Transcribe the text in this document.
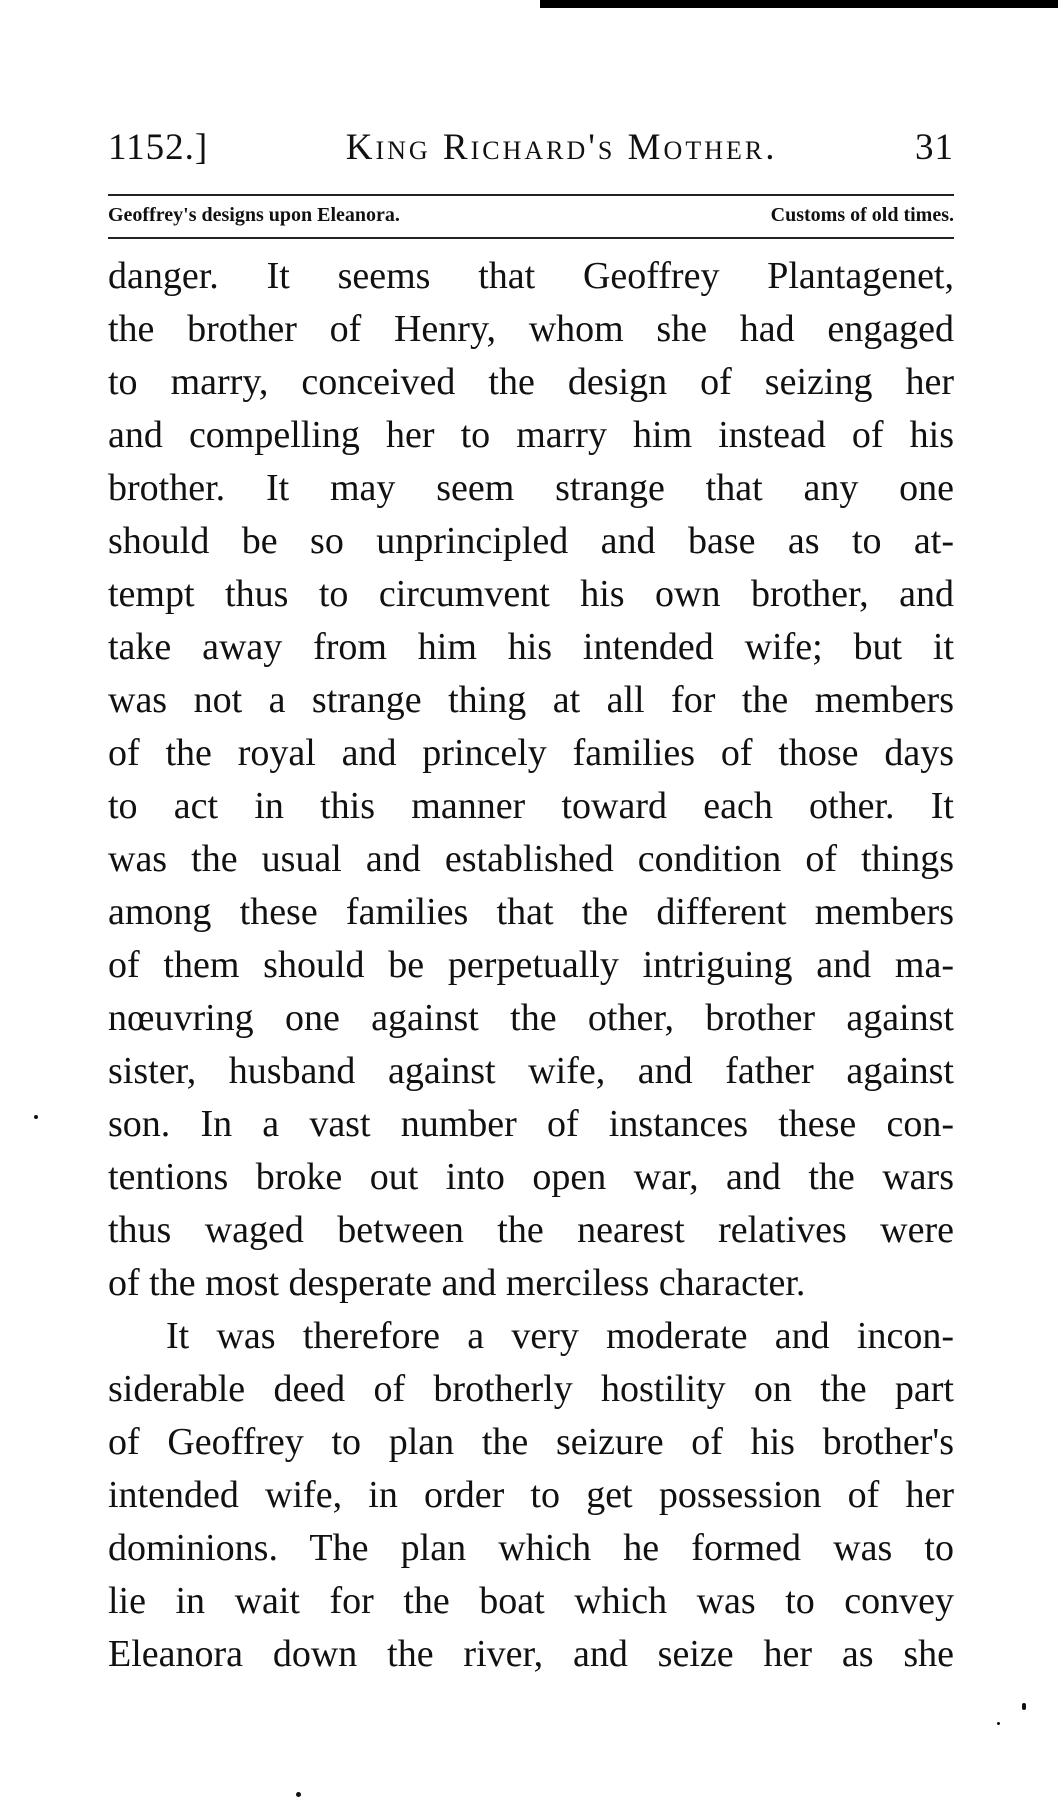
1152.]	King Richard's Mother.	31
Geoffrey's designs upon Eleanora.	Customs of old times.
danger. It seems that Geoffrey Plantagenet,
the brother of Henry, whom she had engaged
to marry, conceived the design of seizing her
and compelling her to marry him instead of his
brother. It may seem strange that any one
should be so unprincipled and base as to at-
tempt thus to circumvent his own brother, and
take away from him his intended wife; but it
was not a strange thing at all for the members
of the royal and princely families of those days
to act in this manner toward each other. It
was the usual and established condition of things
among these families that the different members
of them should be perpetually intriguing and ma-
nœuvring one against the other, brother against
sister, husband against wife, and father against
son. In a vast number of instances these con-
tentions broke out into open war, and the wars
thus waged between the nearest relatives were
of the most desperate and merciless character.
It was therefore a very moderate and incon-
siderable deed of brotherly hostility on the part
of Geoffrey to plan the seizure of his brother's
intended wife, in order to get possession of her
dominions. The plan which he formed was to
lie in wait for the boat which was to convey
Eleanora down the river, and seize her as she
